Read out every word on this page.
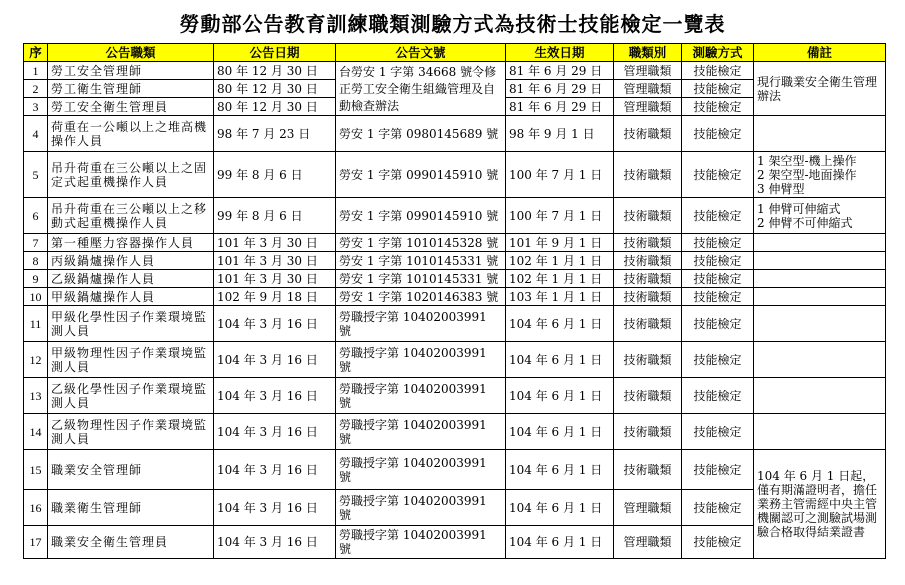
勞動部公告教育訓練職類測驗方式為技術士技能檢定一覽表
序	公告職類	公告日期	公告文號	生效日期	職類別	測驗方式	備註
1	勞工安全管理師	80 年 12 月 30 日	台勞安 1 字第 34668 號令修正勞工安全衛生組織管理及自動檢查辦法	81 年 6 月 29 日	管理職類	技能檢定	現行職業安全衛生管理辦法
2	勞工衛生管理師	80 年 12 月 30 日		81 年 6 月 29 日	管理職類	技能檢定	
3	勞工安全衛生管理員	80 年 12 月 30 日		81 年 6 月 29 日	管理職類	技能檢定	
4	荷重在一公噸以上之堆高機操作人員	98 年 7 月 23 日	勞安 1 字第 0980145689 號	98 年 9 月 1 日	技術職類	技能檢定	
5	吊升荷重在三公噸以上之固定式起重機操作人員	99 年 8 月 6 日	勞安 1 字第 0990145910 號	100 年 7 月 1 日	技術職類	技能檢定	1 架空型-機上操作
2 架空型-地面操作
3 伸臂型
6	吊升荷重在三公噸以上之移動式起重機操作人員	99 年 8 月 6 日	勞安 1 字第 0990145910 號	100 年 7 月 1 日	技術職類	技能檢定	1 伸臂可伸縮式
2 伸臂不可伸縮式
7	第一種壓力容器操作人員	101 年 3 月 30 日	勞安 1 字第 1010145328 號	101 年 9 月 1 日	技術職類	技能檢定	
8	丙級鍋爐操作人員	101 年 3 月 30 日	勞安 1 字第 1010145331 號	102 年 1 月 1 日	技術職類	技能檢定	
9	乙級鍋爐操作人員	101 年 3 月 30 日	勞安 1 字第 1010145331 號	102 年 1 月 1 日	技術職類	技能檢定	
10	甲級鍋爐操作人員	102 年 9 月 18 日	勞安 1 字第 1020146383 號	103 年 1 月 1 日	技術職類	技能檢定	
11	甲級化學性因子作業環境監測人員	104 年 3 月 16 日	勞職授字第 10402003991 號	104 年 6 月 1 日	技術職類	技能檢定	
12	甲級物理性因子作業環境監測人員	104 年 3 月 16 日	勞職授字第 10402003991 號	104 年 6 月 1 日	技術職類	技能檢定	
13	乙級化學性因子作業環境監測人員	104 年 3 月 16 日	勞職授字第 10402003991 號	104 年 6 月 1 日	技術職類	技能檢定	
14	乙級物理性因子作業環境監測人員	104 年 3 月 16 日	勞職授字第 10402003991 號	104 年 6 月 1 日	技術職類	技能檢定	
15	職業安全管理師	104 年 3 月 16 日	勞職授字第 10402003991 號	104 年 6 月 1 日	技術職類	技能檢定	104 年 6 月 1 日起，僅有期滿證明者，擔任業務主管需經中央主管機關認可之測驗試場測驗合格取得結業證書
16	職業衛生管理師	104 年 3 月 16 日	勞職授字第 10402003991 號	104 年 6 月 1 日	管理職類	技能檢定	
17	職業安全衛生管理員	104 年 3 月 16 日	勞職授字第 10402003991 號	104 年 6 月 1 日	管理職類	技能檢定	
